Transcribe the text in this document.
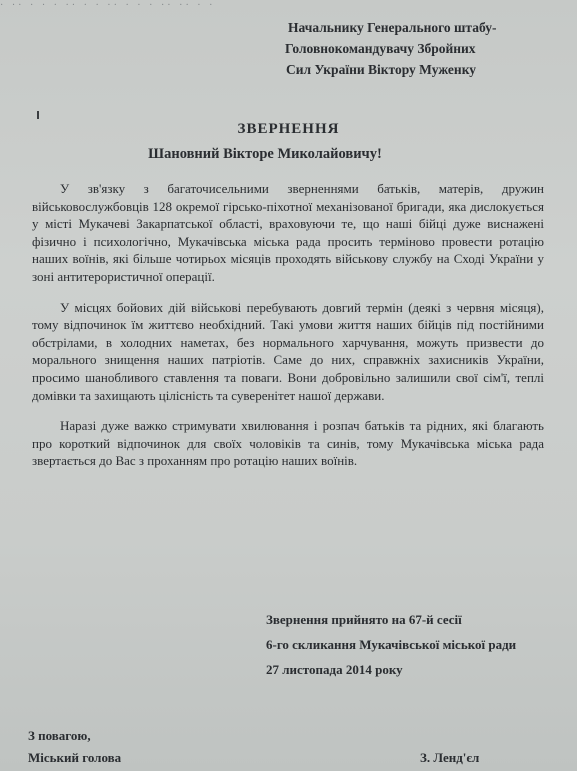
· ·· · · · ·· · · ·· · · · ·· ·· · ·
Начальнику Генерального штабу-
Головнокомандувачу Збройних
Сил України Віктору Муженку
ЗВЕРНЕННЯ
Шановний Вікторе Миколайовичу!

У зв'язку з багаточисельними зверненнями батьків, матерів, дружин військовослужбовців 128 окремої гірсько-піхотної механізованої бригади, яка дислокується у місті Мукачеві Закарпатської області, враховуючи те, що наші бійці дуже виснажені фізично і психологічно, Мукачівська міська рада просить терміново провести ротацію наших воїнів, які більше чотирьох місяців проходять військову службу на Сході України у зоні антитерористичної операції.

У місцях бойових дій військові перебувають довгий термін (деякі з червня місяця), тому відпочинок їм життєво необхідний. Такі умови життя наших бійців під постійними обстрілами, в холодних наметах, без нормального харчування, можуть призвести до морального знищення наших патріотів. Саме до них, справжніх захисників України, просимо шанобливого ставлення та поваги. Вони добровільно залишили свої сім'ї, теплі домівки та захищають цілісність та суверенітет нашої держави.

Наразі дуже важко стримувати хвилювання і розпач батьків та рідних, які благають про короткий відпочинок для своїх чоловіків та синів, тому Мукачівська міська рада звертається до Вас з проханням про ротацію наших воїнів.

Звернення прийнято на 67-й сесії
6-го скликання Мукачівської міської ради
27 листопада 2014 року
З повагою,
Міський голова	З. Ленд'єл
